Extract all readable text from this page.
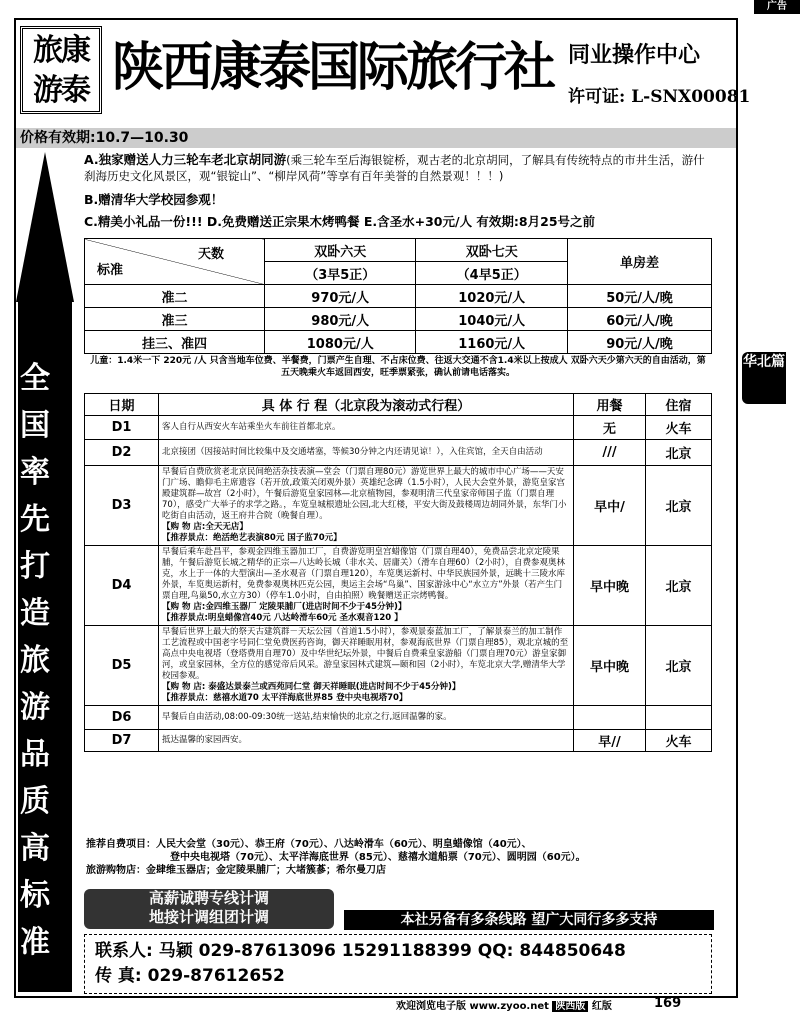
广告
旅康
游泰 陕西康泰国际旅行社 同业操作中心
许可证: L-SNX00081
价格有效期:10.7—10.30
全国率先打造旅游品质高标准
A.独家赠送人力三轮车老北京胡同游(乘三轮车至后海银锭桥，观古老的北京胡同，了解具有传统特点的市井生活，游什刹海历史文化风景区，观“银锭山”、“柳岸风荷”等享有百年美誉的自然景观！！！)
B.赠清华大学校园参观！
C.精美小礼品一份!!! D.免费赠送正宗果木烤鸭餐 E.含圣水+30元/人 有效期:8月25号之前
天数
标准	双卧六天	双卧七天	单房差
	（3早5正）	（4早5正）	
准二	970元/人	1020元/人	50元/人/晚
准三	980元/人	1040元/人	60元/人/晚
挂三、准四	1080元/人	1160元/人	90元/人/晚
儿童：1.4米一下 220元 /人 只含当地车位费、半餐费，门票产生自理、不占床位费、往返大交通不含1.4米以上按成人 双卧六天少第六天的自由活动，第五天晚乘火车返回西安，旺季票紧张，确认前请电话落实。
日期	具 体 行 程（北京段为滚动式行程）	用餐	住宿
D1	客人自行从西安火车站乘坐火车前往首都北京。	无	火车
D2	北京接团（因接站时间比较集中及交通堵塞，等候30分钟之内还请见谅！），入住宾馆，全天自由活动	///	北京
D3	早餐后自费欣赏老北京民间绝活杂技表演—堂会（门票自理80元）游览世界上最大的城市中心广场——天安门广场、瞻仰毛主席遗容（若开放,政策关闭观外景）英雄纪念碑（1.5小时），人民大会堂外景，游览皇家宫殿建筑群—故宫（2小时），午餐后游览皇家园林—北京植物园，参观明清三代皇家帝师国子监（门票自理70），感受广大举子的求学之路。，车览皇城根遗址公园,北大红楼，平安大街及鼓楼周边胡同外景，东华门小吃街自由活动，返王府井合院（晚餐自理）。
【购 物 店:全天无店】
【推荐景点：绝活绝艺表演80元 国子监70元】	早中/	北京
D4	早餐后乘车赴昌平，参观金四维玉器加工厂，自费游览明皇宫蜡像馆（门票自理40），免费品尝北京定陵果脯，午餐后游览长城之精华的正宗—八达岭长城（非水关、居庸关）（滑车自理60）（2小时），自费参观奥林克，水上于一体的大型演出—圣水观音（门票自理120），车览奥运新村、中华民族园外景，远眺十三陵水库外景，车览奥运新村，免费参观奥林匹克公园，奥运主会场“鸟巢”、国家游泳中心“水立方”外景（若产生门票自理,鸟巢50,水立方30）（停车1.0小时，自由拍照）晚餐赠送正宗烤鸭餐。
【购 物 店:金四维玉器厂 定陵果脯厂(进店时间不少于45分钟)】
【推荐景点:明皇蜡像宫40元 八达岭滑车60元 圣水观音120 】	早中晚	北京
D5	早餐后世界上最大的祭天古建筑群－天坛公园（首道1.5小时），参观景泰蓝加工厂，了解景泰兰的加工制作工艺流程或中国老字号同仁堂免费医药咨询，御天祥睡眠用材，参观海底世界（门票自理85），观北京城的至高点中央电视塔（登塔费用自理70）及中华世纪坛外景，中餐后自费乘皇家游船（门票自理70元）游皇家御河，或皇家园林，全方位的感觉帝后风采。游皇家园林式建筑—颐和园（2小时），车览北京大学,赠清华大学校园参观。
【购 物 店: 泰盛达景泰兰或西苑同仁堂 御天祥睡眠(进店时间不少于45分钟)】
【推荐景点：慈禧水道70 太平洋海底世界85 登中央电视塔70】	早中晚	北京
D6	早餐后自由活动,08:00-09:30统一送站,结束愉快的北京之行,返回温馨的家。		

D7	抵达温馨的家园西安。	早//	火车
推荐自费项目：人民大会堂（30元）、恭王府（70元）、八达岭滑车（60元）、明皇蜡像馆（40元）、
登中央电视塔（70元）、太平洋海底世界（85元）、慈禧水道船票（70元）、圆明园（60元）。
旅游购物店：金肆维玉器店；金定陵果脯厂；大堵簇蔘；希尔曼刀店
高薪诚聘专线计调
地接计调组团计调	本社另备有多条线路 望广大同行多多支持
联系人: 马颖 029-87613096 15291188399 QQ: 844850648
传 真: 029-87612652
欢迎浏览电子版 www.zyoo.net 陕西版 红版	169
华北篇
